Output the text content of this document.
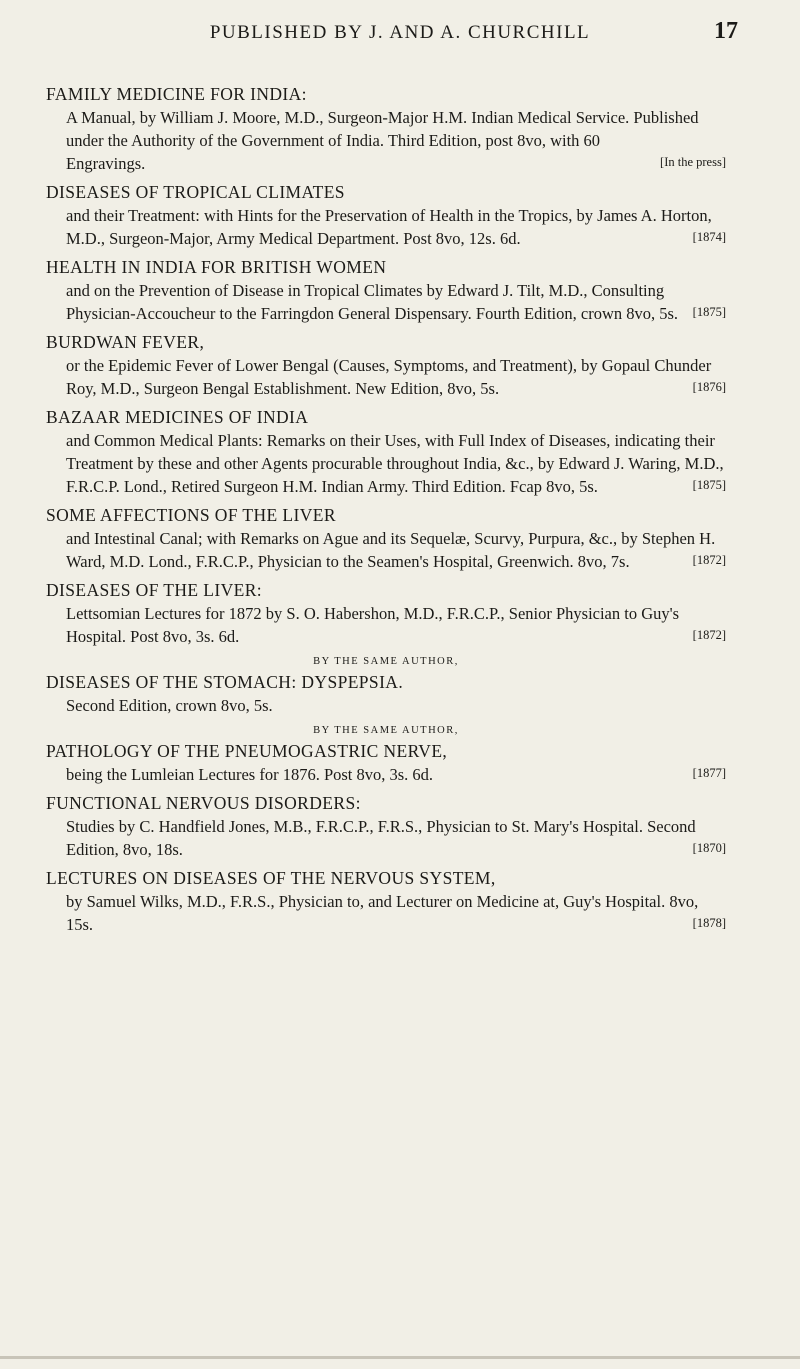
PUBLISHED BY J. AND A. CHURCHILL	17
FAMILY MEDICINE FOR INDIA:
A Manual, by William J. Moore, M.D., Surgeon-Major H.M. Indian Medical Service. Published under the Authority of the Government of India. Third Edition, post 8vo, with 60 Engravings.	[In the press]
DISEASES OF TROPICAL CLIMATES
and their Treatment: with Hints for the Preservation of Health in the Tropics, by James A. Horton, M.D., Surgeon-Major, Army Medical Department. Post 8vo, 12s. 6d.	[1874]
HEALTH IN INDIA FOR BRITISH WOMEN
and on the Prevention of Disease in Tropical Climates by Edward J. Tilt, M.D., Consulting Physician-Accoucheur to the Farringdon General Dispensary. Fourth Edition, crown 8vo, 5s. [1875]
BURDWAN FEVER,
or the Epidemic Fever of Lower Bengal (Causes, Symptoms, and Treatment), by Gopaul Chunder Roy, M.D., Surgeon Bengal Establishment. New Edition, 8vo, 5s.	[1876]
BAZAAR MEDICINES OF INDIA
and Common Medical Plants: Remarks on their Uses, with Full Index of Diseases, indicating their Treatment by these and other Agents procurable throughout India, &c., by Edward J. Waring, M.D., F.R.C.P. Lond., Retired Surgeon H.M. Indian Army. Third Edition. Fcap 8vo, 5s.	[1875]
SOME AFFECTIONS OF THE LIVER
and Intestinal Canal; with Remarks on Ague and its Sequelæ, Scurvy, Purpura, &c., by Stephen H. Ward, M.D. Lond., F.R.C.P., Physician to the Seamen's Hospital, Greenwich. 8vo, 7s.	[1872]
DISEASES OF THE LIVER:
Lettsomian Lectures for 1872 by S. O. Habershon, M.D., F.R.C.P., Senior Physician to Guy's Hospital. Post 8vo, 3s. 6d.	[1872]
BY THE SAME AUTHOR,
DISEASES OF THE STOMACH: DYSPEPSIA.
Second Edition, crown 8vo, 5s.
BY THE SAME AUTHOR,
PATHOLOGY OF THE PNEUMOGASTRIC NERVE,
being the Lumleian Lectures for 1876. Post 8vo, 3s. 6d.	[1877]
FUNCTIONAL NERVOUS DISORDERS:
Studies by C. Handfield Jones, M.B., F.R.C.P., F.R.S., Physician to St. Mary's Hospital. Second Edition, 8vo, 18s.	[1870]
LECTURES ON DISEASES OF THE NERVOUS SYSTEM,
by Samuel Wilks, M.D., F.R.S., Physician to, and Lecturer on Medicine at, Guy's Hospital. 8vo, 15s.	[1878]
